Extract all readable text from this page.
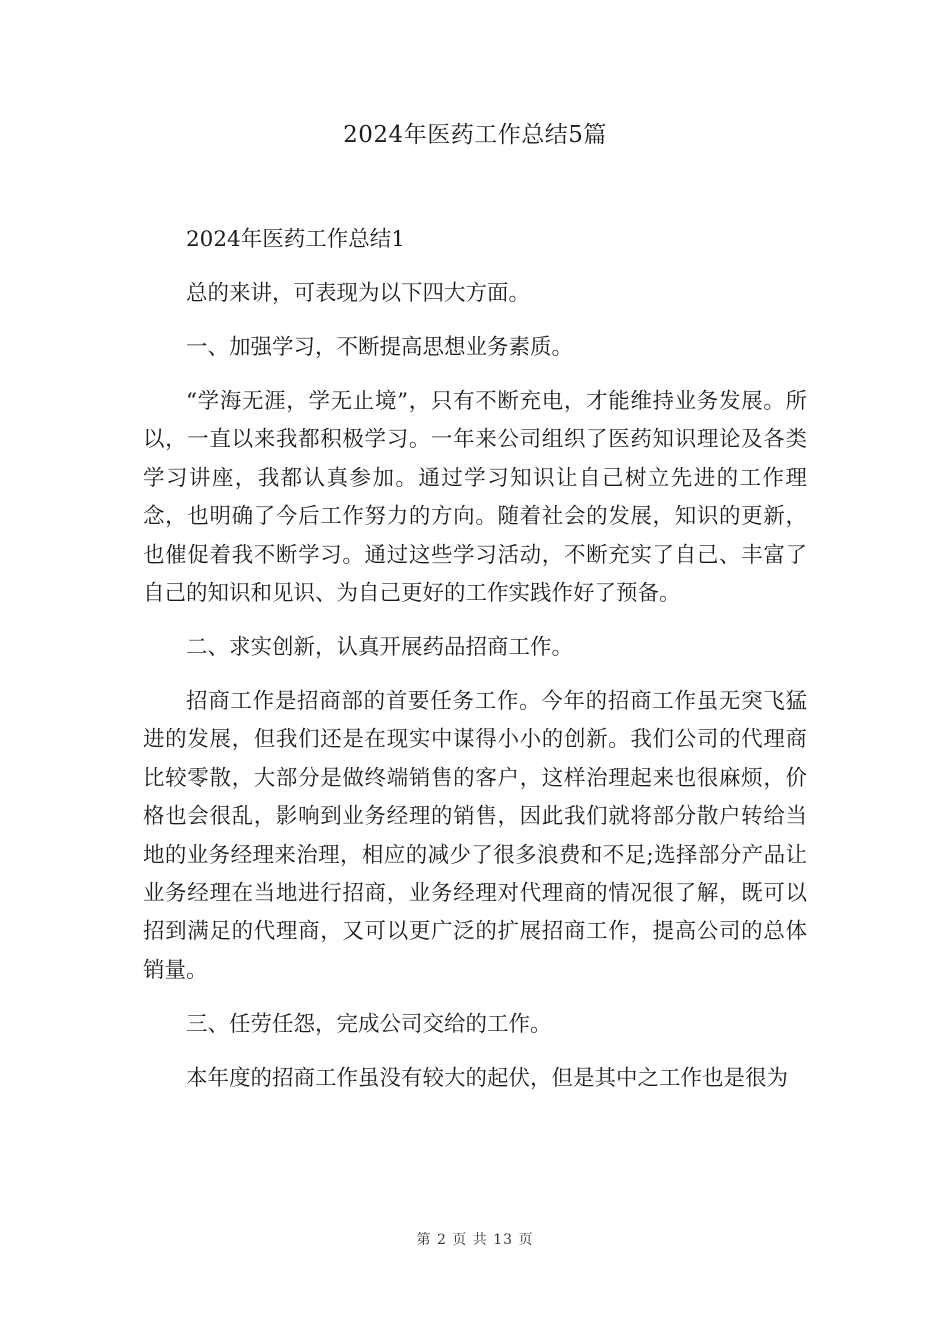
2024年医药工作总结5篇

2024年医药工作总结1

总的来讲，可表现为以下四大方面。

一、加强学习，不断提高思想业务素质。

“学海无涯，学无止境”，只有不断充电，才能维持业务发展。所以，一直以来我都积极学习。一年来公司组织了医药知识理论及各类学习讲座，我都认真参加。通过学习知识让自己树立先进的工作理念，也明确了今后工作努力的方向。随着社会的发展，知识的更新，也催促着我不断学习。通过这些学习活动，不断充实了自己、丰富了自己的知识和见识、为自己更好的工作实践作好了预备。

二、求实创新，认真开展药品招商工作。

招商工作是招商部的首要任务工作。今年的招商工作虽无突飞猛进的发展，但我们还是在现实中谋得小小的创新。我们公司的代理商比较零散，大部分是做终端销售的客户，这样治理起来也很麻烦，价格也会很乱，影响到业务经理的销售，因此我们就将部分散户转给当地的业务经理来治理，相应的减少了很多浪费和不足;选择部分产品让业务经理在当地进行招商，业务经理对代理商的情况很了解，既可以招到满足的代理商，又可以更广泛的扩展招商工作，提高公司的总体销量。

三、任劳任怨，完成公司交给的工作。

本年度的招商工作虽没有较大的起伏，但是其中之工作也是很为

第 2 页 共 13 页
